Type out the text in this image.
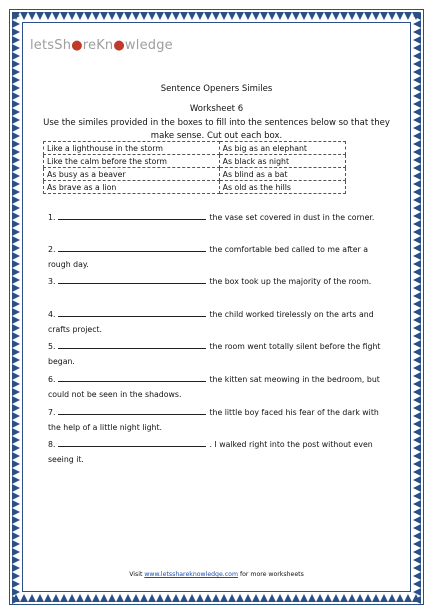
letsSh●reKn●wledge
Sentence Openers Similes
Worksheet 6
Use the similes provided in the boxes to fill into the sentences below so that they make sense. Cut out each box.
Like a lighthouse in the storm	As big as an elephant
Like the calm before the storm	As black as night
As busy as a beaver	As blind as a bat
As brave as a lion	As old as the hills
1.	the vase set covered in dust in the corner.
2.	the comfortable bed called to me after a rough day.
3.	the box took up the majority of the room.
4.	the child worked tirelessly on the arts and crafts project.
5.	the room went totally silent before the fight began.
6.	the kitten sat meowing in the bedroom, but could not be seen in the shadows.
7.	the little boy faced his fear of the dark with the help of a little night light.
8.	. I walked right into the post without even seeing it.
Visit www.letsshareknowledge.com for more worksheets
